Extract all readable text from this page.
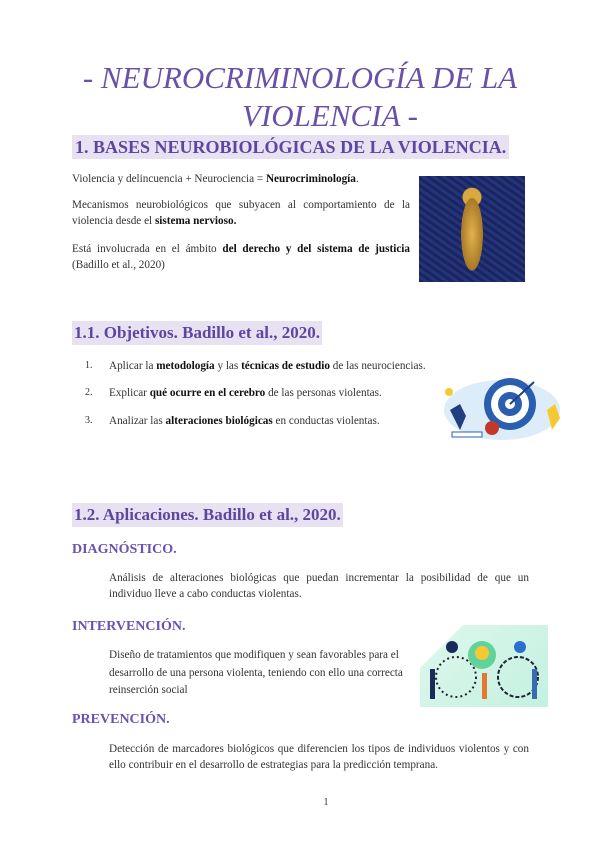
- NEUROCRIMINOLOGÍA DE LA
VIOLENCIA -
1. BASES NEUROBIOLÓGICAS DE LA VIOLENCIA.
Violencia y delincuencia + Neurociencia = Neurocriminología.
Mecanismos neurobiológicos que subyacen al comportamiento de la violencia desde el sistema nervioso.
Está involucrada en el ámbito del derecho y del sistema de justicia (Badillo et al., 2020)
1.1. Objetivos. Badillo et al., 2020.
1.	Aplicar la metodología y las técnicas de estudio de las neurociencias.
2.	Explicar qué ocurre en el cerebro de las personas violentas.
3.	Analizar las alteraciones biológicas en conductas violentas.
1.2. Aplicaciones. Badillo et al., 2020.
DIAGNÓSTICO.
Análisis de alteraciones biológicas que puedan incrementar la posibilidad de que un individuo lleve a cabo conductas violentas.
INTERVENCIÓN.
Diseño de tratamientos que modifiquen y sean favorables para el desarrollo de una persona violenta, teniendo con ello una correcta reinserción social
PREVENCIÓN.
Detección de marcadores biológicos que diferencien los tipos de individuos violentos y con ello contribuir en el desarrollo de estrategias para la predicción temprana.
1
